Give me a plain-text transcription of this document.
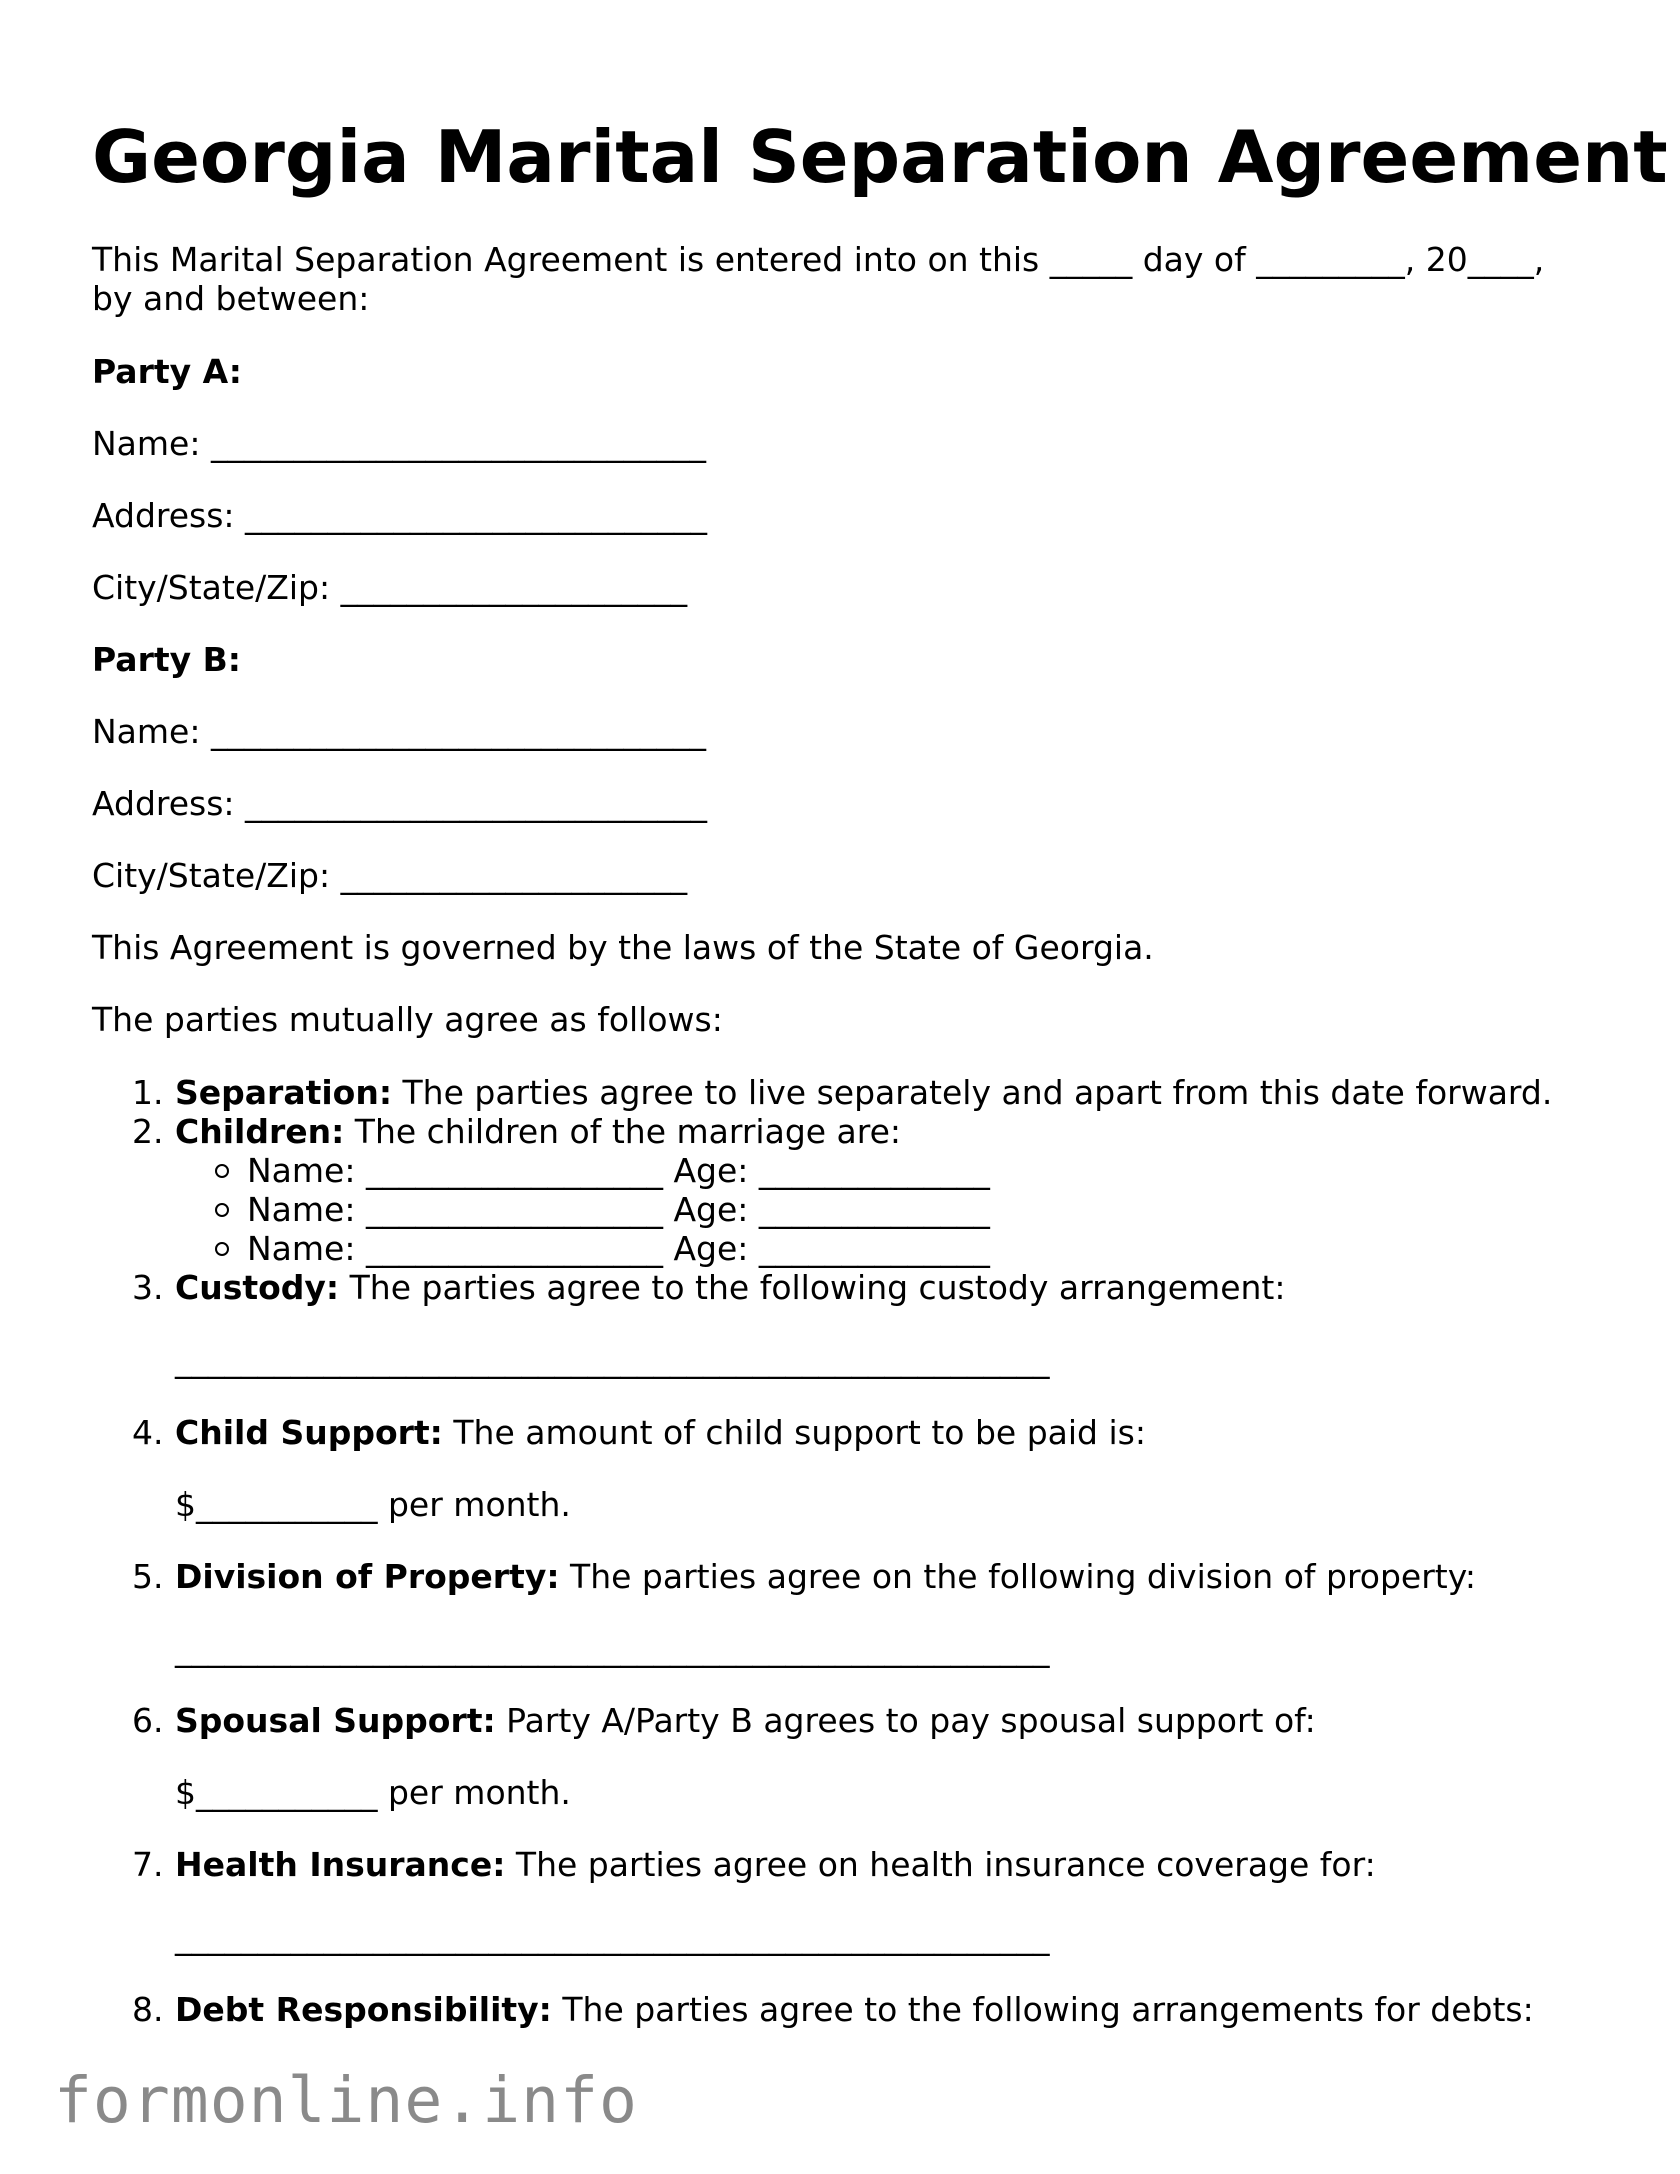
Georgia Marital Separation Agreement
This Marital Separation Agreement is entered into on this _____ day of _________, 20____,
by and between:
Party A:
Name: ______________________________
Address: ____________________________
City/State/Zip: _____________________
Party B:
Name: ______________________________
Address: ____________________________
City/State/Zip: _____________________
This Agreement is governed by the laws of the State of Georgia.
The parties mutually agree as follows:
1. Separation: The parties agree to live separately and apart from this date forward.
2. Children: The children of the marriage are:
Name: __________________ Age: ______________
Name: __________________ Age: ______________
Name: __________________ Age: ______________
3. Custody: The parties agree to the following custody arrangement:
_____________________________________________________
4. Child Support: The amount of child support to be paid is:
$___________ per month.
5. Division of Property: The parties agree on the following division of property:
_____________________________________________________
6. Spousal Support: Party A/Party B agrees to pay spousal support of:
$___________ per month.
7. Health Insurance: The parties agree on health insurance coverage for:
_____________________________________________________
8. Debt Responsibility: The parties agree to the following arrangements for debts:
formonline.info
